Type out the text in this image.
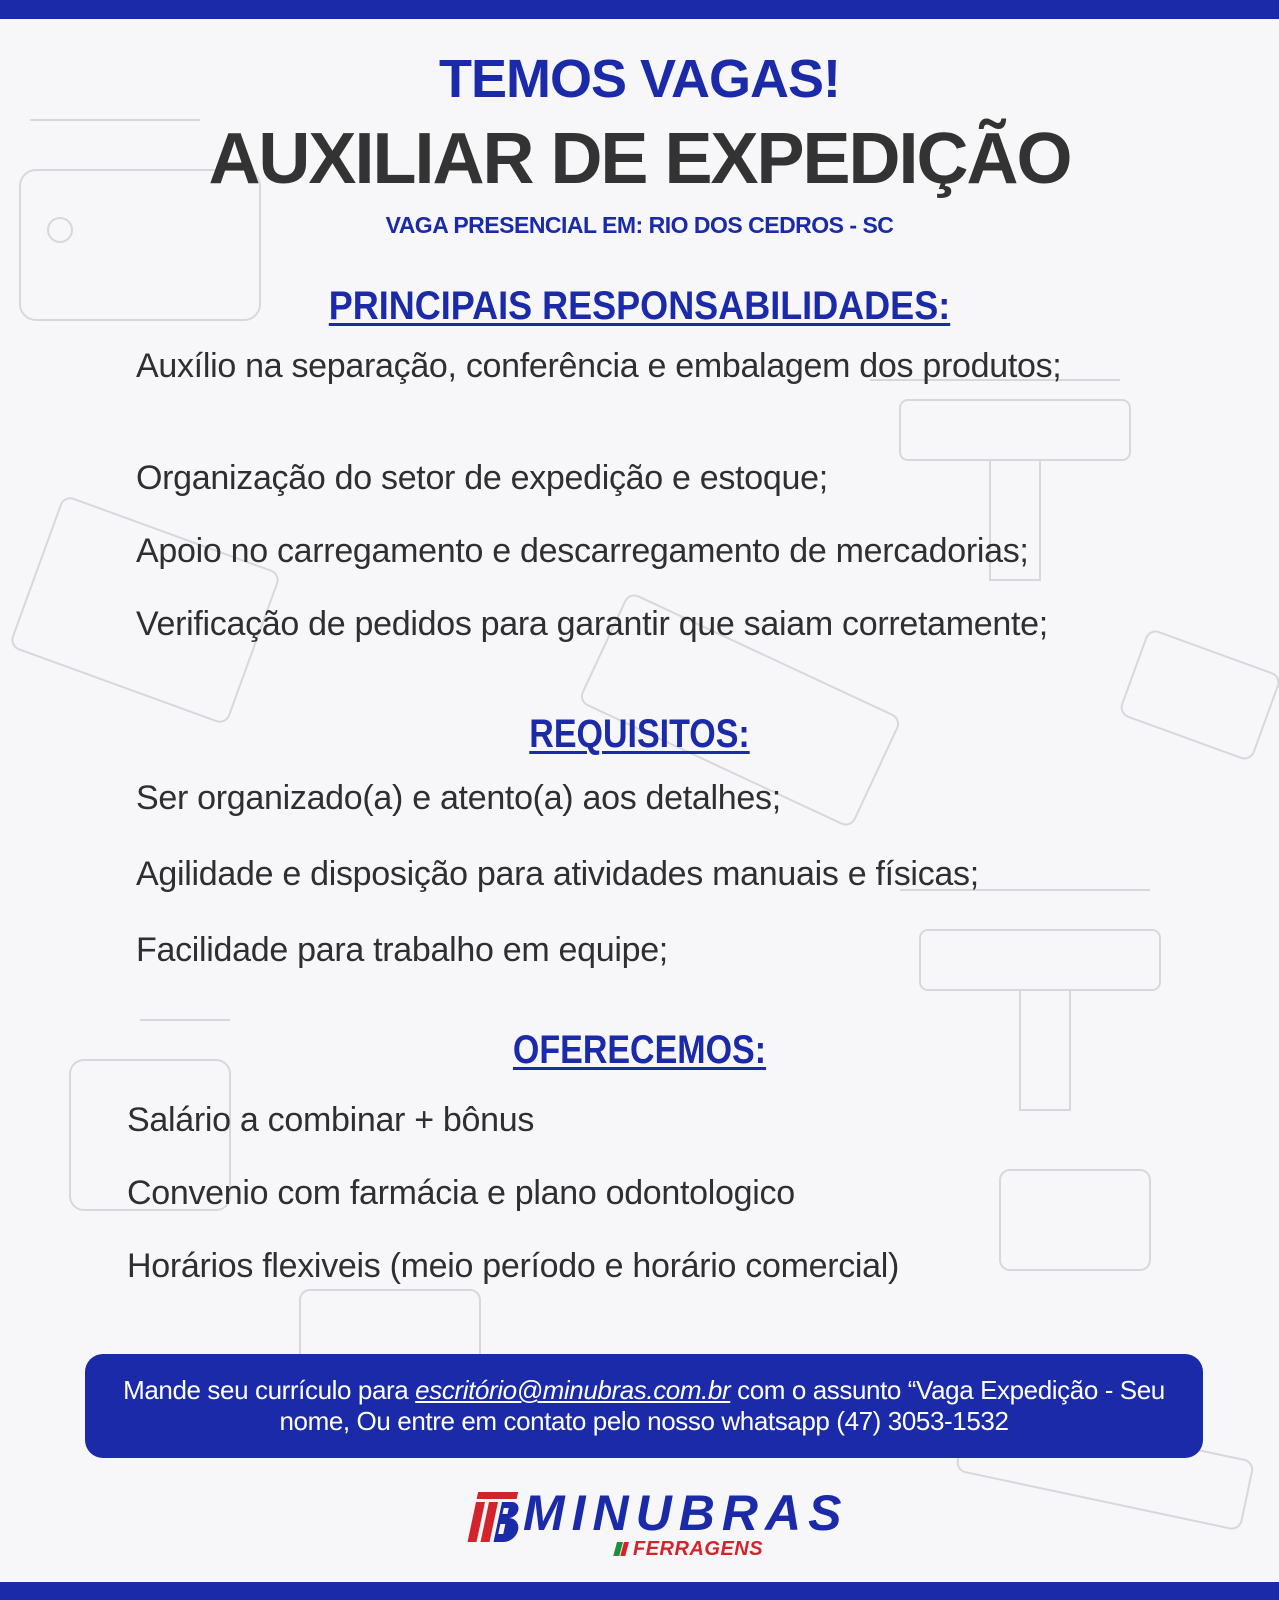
TEMOS VAGAS!
AUXILIAR DE EXPEDIÇÃO
VAGA PRESENCIAL EM: RIO DOS CEDROS - SC
PRINCIPAIS RESPONSABILIDADES:
Auxílio na separação, conferência e embalagem dos produtos;
Organização do setor de expedição e estoque;
Apoio no carregamento e descarregamento de mercadorias;
Verificação de pedidos para garantir que saiam corretamente;
REQUISITOS:
Ser organizado(a) e atento(a) aos detalhes;
Agilidade e disposição para atividades manuais e físicas;
Facilidade para trabalho em equipe;
OFERECEMOS:
Salário a combinar + bônus
Convenio com farmácia e plano odontologico
Horários flexiveis (meio período e horário comercial)
Mande seu currículo para escritório@minubras.com.br com o assunto “Vaga Expedição - Seu nome, Ou entre em contato pelo nosso whatsapp (47) 3053-1532
MINUBRAS
FERRAGENS
